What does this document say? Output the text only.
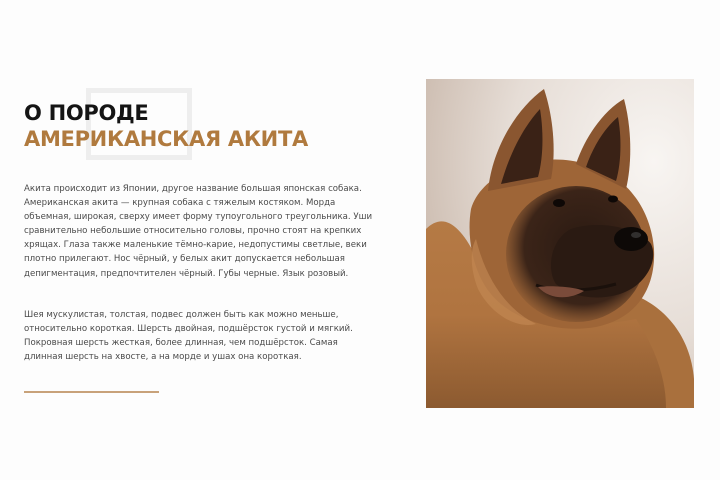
О ПОРОДЕ
АМЕРИКАНСКАЯ АКИТА

Акита происходит из Японии, другое название большая японская собака. Американская акита — крупная собака с тяжелым костяком. Морда объемная, широкая, сверху имеет форму тупоугольного треугольника. Уши сравнительно небольшие относительно головы, прочно стоят на крепких хрящах. Глаза также маленькие тёмно-карие, недопустимы светлые, веки плотно прилегают. Нос чёрный, у белых акит допускается небольшая депигментация, предпочтителен чёрный. Губы черные. Язык розовый.

Шея мускулистая, толстая, подвес должен быть как можно меньше, относительно короткая. Шерсть двойная, подшёрсток густой и мягкий. Покровная шерсть жесткая, более длинная, чем подшёрсток. Самая длинная шерсть на хвосте, а на морде и ушах она короткая.
